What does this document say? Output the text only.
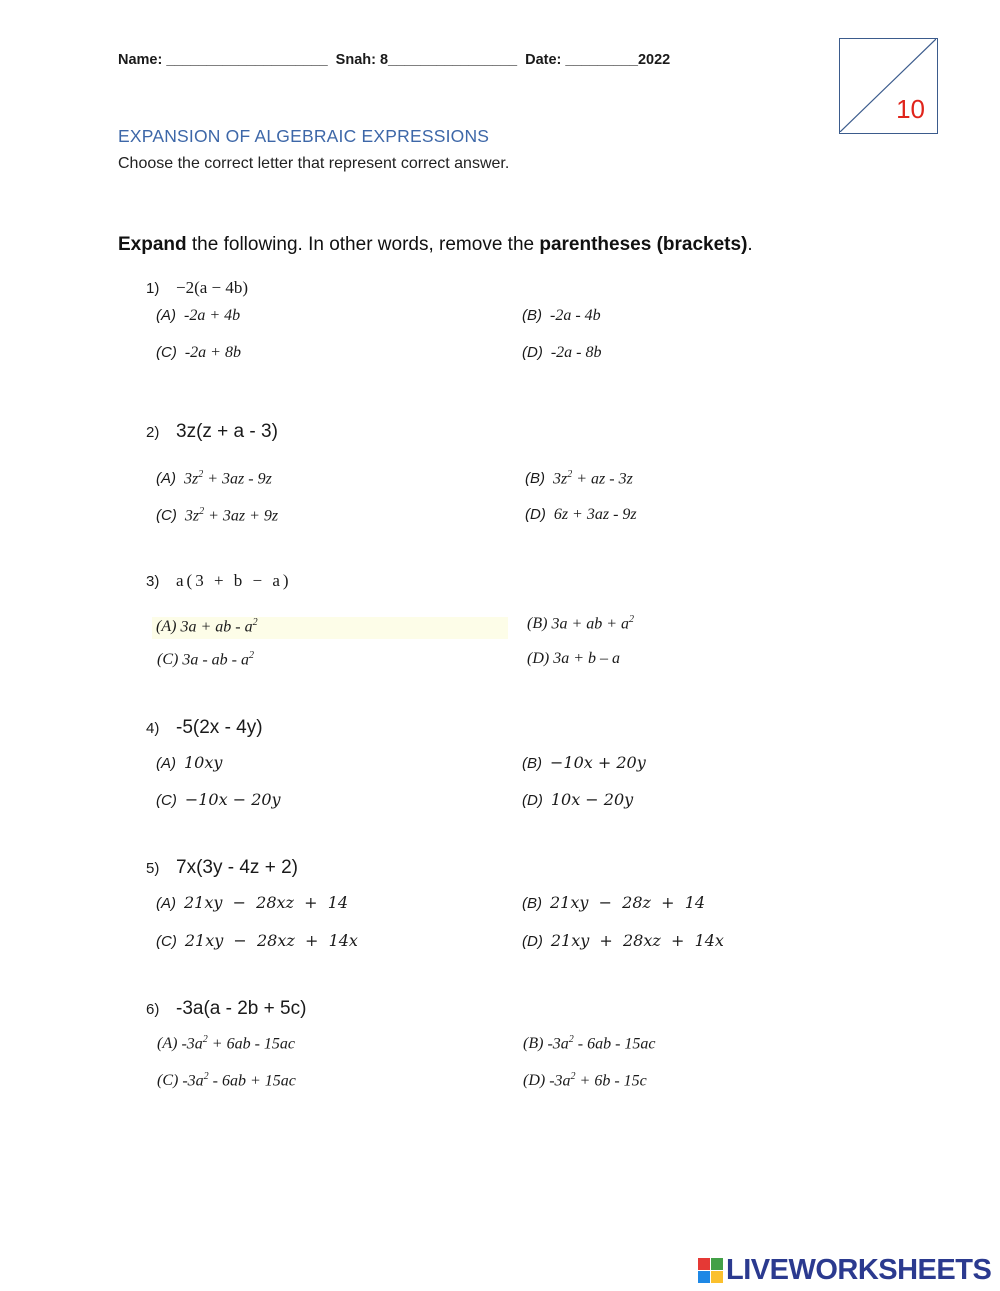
Name: ____________________ Snah: 8________________ Date: _________2022
10
EXPANSION OF ALGEBRAIC EXPRESSIONS
Choose the correct letter that represent correct answer.
Expand the following. In other words, remove the parentheses (brackets).
1) −2(a − 4b)
(A) -2a + 4b	(B) -2a - 4b
(C) -2a + 8b	(D) -2a - 8b
2) 3z(z + a - 3)
(A) $3z^2 + 3az - 9z$	(B) $3z^2$ + az - 3z
(C) $3z^2 + 3az + 9z$	(D) 6z + 3az - 9z
3) a(3 + b − a)
(A) 3a + ab - $a^2$	(B) 3a + ab + $a^2$
(C) 3a - ab - $a^2$	(D) 3a + b – a
4) -5(2x - 4y)
(A) 10xy	(B) −10x + 20y
(C) −10x − 20y	(D) 10x − 20y
5) 7x(3y - 4z + 2)
(A) 21xy  −  28xz  +  14	(B) 21xy  −  28z  +  14
(C) 21xy  −  28xz  +  14x	(D) 21xy  +  28xz  +  14x
6) -3a(a - 2b + 5c)
(A) $-3a^2 + 6ab - 15ac$	(B) $-3a^2 - 6ab - 15ac$
(C) $-3a^2 - 6ab + 15ac$	(D) $-3a^2 + 6b - 15c$
LIVEWORKSHEETS
